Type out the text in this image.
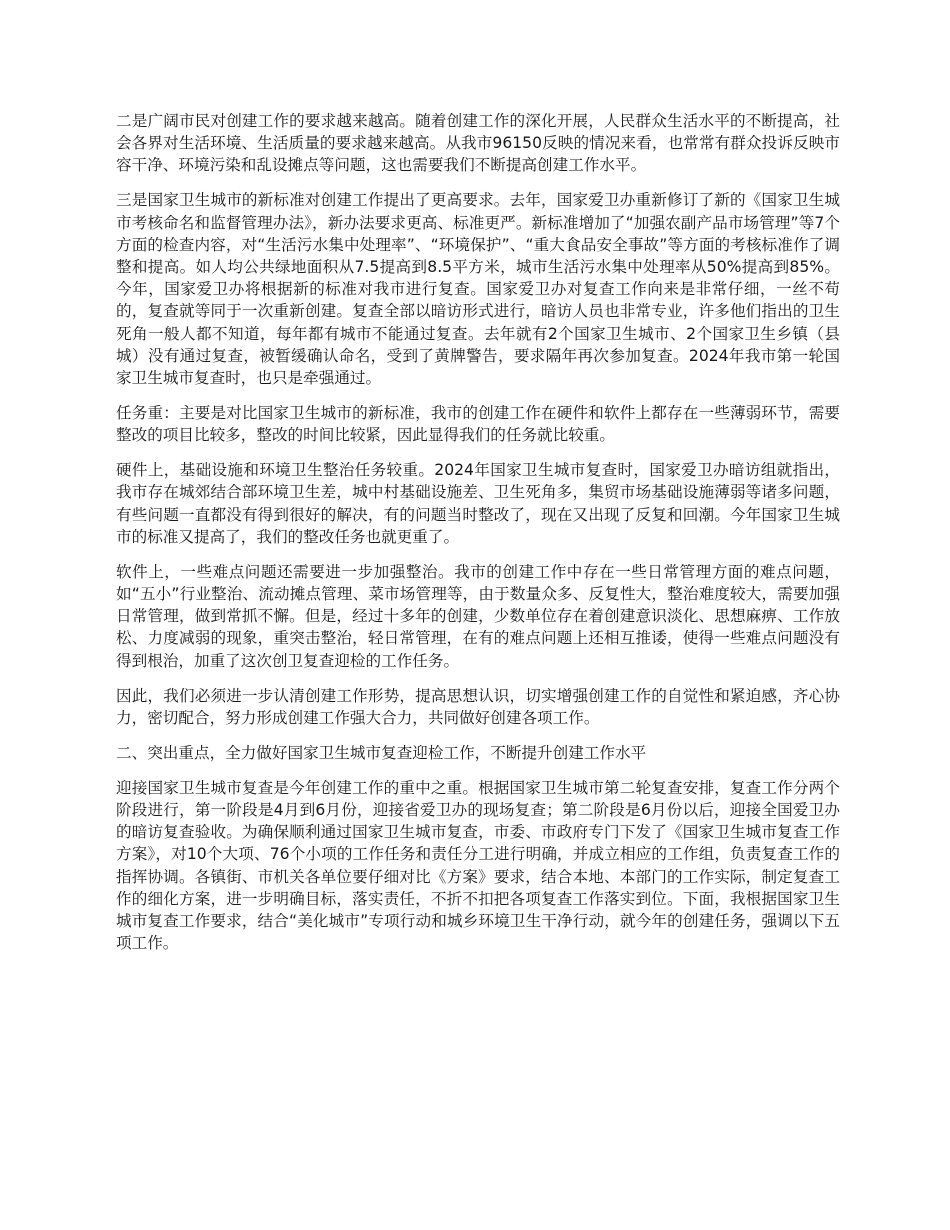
二是广阔市民对创建工作的要求越来越高。随着创建工作的深化开展，人民群众生活水平的不断提高，社会各界对生活环境、生活质量的要求越来越高。从我市96150反映的情况来看，也常常有群众投诉反映市容干净、环境污染和乱设摊点等问题，这也需要我们不断提高创建工作水平。

三是国家卫生城市的新标准对创建工作提出了更高要求。去年，国家爱卫办重新修订了新的《国家卫生城市考核命名和监督管理办法》，新办法要求更高、标准更严。新标准增加了“加强农副产品市场管理”等7个方面的检查内容，对“生活污水集中处理率”、“环境保护”、“重大食品安全事故”等方面的考核标准作了调整和提高。如人均公共绿地面积从7.5提高到8.5平方米，城市生活污水集中处理率从50%提高到85%。今年，国家爱卫办将根据新的标准对我市进行复查。国家爱卫办对复查工作向来是非常仔细，一丝不苟的，复查就等同于一次重新创建。复查全部以暗访形式进行，暗访人员也非常专业，许多他们指出的卫生死角一般人都不知道，每年都有城市不能通过复查。去年就有2个国家卫生城市、2个国家卫生乡镇（县城）没有通过复查，被暂缓确认命名，受到了黄牌警告，要求隔年再次参加复查。2024年我市第一轮国家卫生城市复查时，也只是牵强通过。

任务重：主要是对比国家卫生城市的新标准，我市的创建工作在硬件和软件上都存在一些薄弱环节，需要整改的项目比较多，整改的时间比较紧，因此显得我们的任务就比较重。

硬件上，基础设施和环境卫生整治任务较重。2024年国家卫生城市复查时，国家爱卫办暗访组就指出，我市存在城郊结合部环境卫生差，城中村基础设施差、卫生死角多，集贸市场基础设施薄弱等诸多问题，有些问题一直都没有得到很好的解决，有的问题当时整改了，现在又出现了反复和回潮。今年国家卫生城市的标准又提高了，我们的整改任务也就更重了。

软件上，一些难点问题还需要进一步加强整治。我市的创建工作中存在一些日常管理方面的难点问题，如“五小”行业整治、流动摊点管理、菜市场管理等，由于数量众多、反复性大，整治难度较大，需要加强日常管理，做到常抓不懈。但是，经过十多年的创建，少数单位存在着创建意识淡化、思想麻痹、工作放松、力度减弱的现象，重突击整治，轻日常管理，在有的难点问题上还相互推诿，使得一些难点问题没有得到根治，加重了这次创卫复查迎检的工作任务。

因此，我们必须进一步认清创建工作形势，提高思想认识，切实增强创建工作的自觉性和紧迫感，齐心协力，密切配合，努力形成创建工作强大合力，共同做好创建各项工作。

二、突出重点，全力做好国家卫生城市复查迎检工作，不断提升创建工作水平

迎接国家卫生城市复查是今年创建工作的重中之重。根据国家卫生城市第二轮复查安排，复查工作分两个阶段进行，第一阶段是4月到6月份，迎接省爱卫办的现场复查；第二阶段是6月份以后，迎接全国爱卫办的暗访复查验收。为确保顺利通过国家卫生城市复查，市委、市政府专门下发了《国家卫生城市复查工作方案》，对10个大项、76个小项的工作任务和责任分工进行明确，并成立相应的工作组，负责复查工作的指挥协调。各镇街、市机关各单位要仔细对比《方案》要求，结合本地、本部门的工作实际，制定复查工作的细化方案，进一步明确目标，落实责任，不折不扣把各项复查工作落实到位。下面，我根据国家卫生城市复查工作要求，结合“美化城市”专项行动和城乡环境卫生干净行动，就今年的创建任务，强调以下五项工作。
